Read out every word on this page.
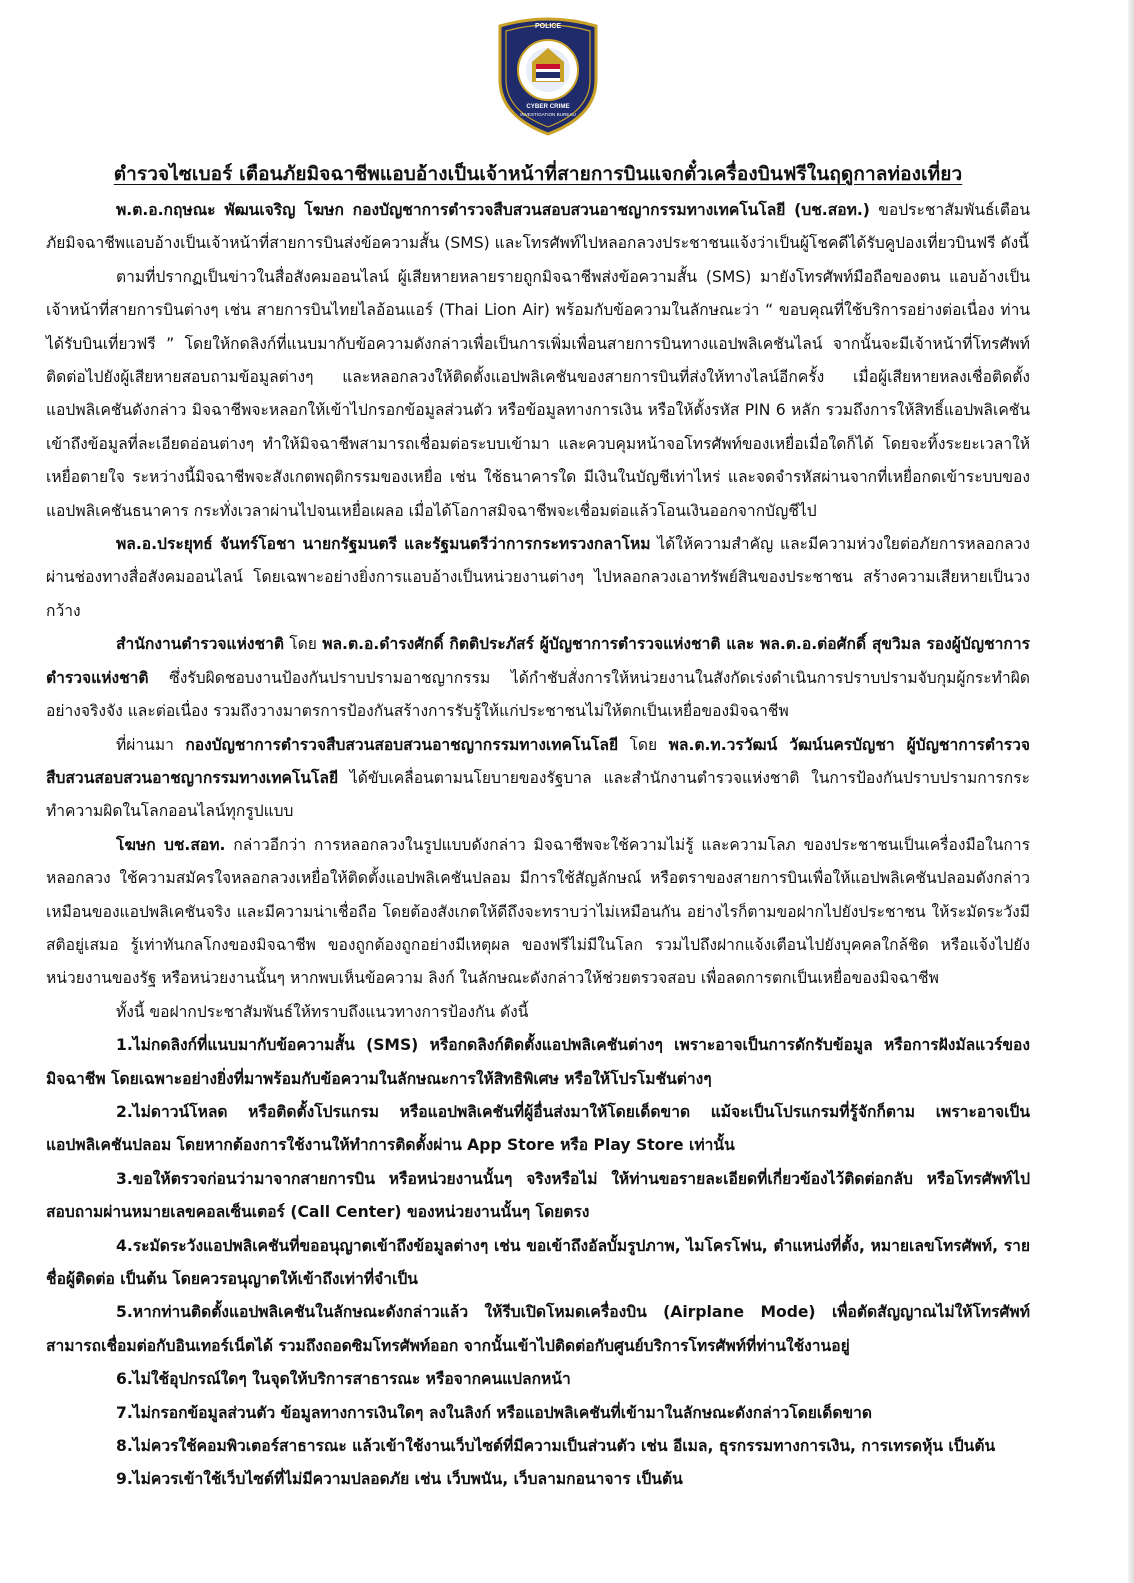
POLICE
CYBER CRIME
INVESTIGATION BUREAU
ตำรวจไซเบอร์ เตือนภัยมิจฉาชีพแอบอ้างเป็นเจ้าหน้าที่สายการบินแจกตั๋วเครื่องบินฟรีในฤดูกาลท่องเที่ยว

พ.ต.อ.กฤษณะ พัฒนเจริญ โฆษก กองบัญชาการตำรวจสืบสวนสอบสวนอาชญากรรมทางเทคโนโลยี (บช.สอท.) ขอประชาสัมพันธ์เตือนภัยมิจฉาชีพแอบอ้างเป็นเจ้าหน้าที่สายการบินส่งข้อความสั้น (SMS) และโทรศัพท์ไปหลอกลวงประชาชนแจ้งว่าเป็นผู้โชคดีได้รับคูปองเที่ยวบินฟรี ดังนี้

ตามที่ปรากฏเป็นข่าวในสื่อสังคมออนไลน์ ผู้เสียหายหลายรายถูกมิจฉาชีพส่งข้อความสั้น (SMS) มายังโทรศัพท์มือถือของตน แอบอ้างเป็นเจ้าหน้าที่สายการบินต่างๆ เช่น สายการบินไทยไลอ้อนแอร์ (Thai Lion Air) พร้อมกับข้อความในลักษณะว่า “ ขอบคุณที่ใช้บริการอย่างต่อเนื่อง ท่านได้รับบินเที่ยวฟรี ” โดยให้กดลิงก์ที่แนบมากับข้อความดังกล่าวเพื่อเป็นการเพิ่มเพื่อนสายการบินทางแอปพลิเคชันไลน์ จากนั้นจะมีเจ้าหน้าที่โทรศัพท์ติดต่อไปยังผู้เสียหายสอบถามข้อมูลต่างๆ และหลอกลวงให้ติดตั้งแอปพลิเคชันของสายการบินที่ส่งให้ทางไลน์อีกครั้ง เมื่อผู้เสียหายหลงเชื่อติดตั้งแอปพลิเคชันดังกล่าว มิจฉาชีพจะหลอกให้เข้าไปกรอกข้อมูลส่วนตัว หรือข้อมูลทางการเงิน หรือให้ตั้งรหัส PIN 6 หลัก รวมถึงการให้สิทธิ์แอปพลิเคชันเข้าถึงข้อมูลที่ละเอียดอ่อนต่างๆ ทำให้มิจฉาชีพสามารถเชื่อมต่อระบบเข้ามา และควบคุมหน้าจอโทรศัพท์ของเหยื่อเมื่อใดก็ได้ โดยจะทิ้งระยะเวลาให้เหยื่อตายใจ ระหว่างนี้มิจฉาชีพจะสังเกตพฤติกรรมของเหยื่อ เช่น ใช้ธนาคารใด มีเงินในบัญชีเท่าไหร่ และจดจำรหัสผ่านจากที่เหยื่อกดเข้าระบบของแอปพลิเคชันธนาคาร กระทั่งเวลาผ่านไปจนเหยื่อเผลอ เมื่อได้โอกาสมิจฉาชีพจะเชื่อมต่อแล้วโอนเงินออกจากบัญชีไป

พล.อ.ประยุทธ์ จันทร์โอชา นายกรัฐมนตรี และรัฐมนตรีว่าการกระทรวงกลาโหม ได้ให้ความสำคัญ และมีความห่วงใยต่อภัยการหลอกลวงผ่านช่องทางสื่อสังคมออนไลน์ โดยเฉพาะอย่างยิ่งการแอบอ้างเป็นหน่วยงานต่างๆ ไปหลอกลวงเอาทรัพย์สินของประชาชน สร้างความเสียหายเป็นวงกว้าง

สำนักงานตำรวจแห่งชาติ โดย พล.ต.อ.ดำรงศักดิ์ กิตติประภัสร์ ผู้บัญชาการตำรวจแห่งชาติ และ พล.ต.อ.ต่อศักดิ์ สุขวิมล รองผู้บัญชาการตำรวจแห่งชาติ ซึ่งรับผิดชอบงานป้องกันปราบปรามอาชญากรรม ได้กำชับสั่งการให้หน่วยงานในสังกัดเร่งดำเนินการปราบปรามจับกุมผู้กระทำผิดอย่างจริงจัง และต่อเนื่อง รวมถึงวางมาตรการป้องกันสร้างการรับรู้ให้แก่ประชาชนไม่ให้ตกเป็นเหยื่อของมิจฉาชีพ

ที่ผ่านมา กองบัญชาการตำรวจสืบสวนสอบสวนอาชญากรรมทางเทคโนโลยี โดย พล.ต.ท.วรวัฒน์ วัฒน์นครบัญชา ผู้บัญชาการตำรวจสืบสวนสอบสวนอาชญากรรมทางเทคโนโลยี ได้ขับเคลื่อนตามนโยบายของรัฐบาล และสำนักงานตำรวจแห่งชาติ ในการป้องกันปราบปรามการกระทำความผิดในโลกออนไลน์ทุกรูปแบบ

โฆษก บช.สอท. กล่าวอีกว่า การหลอกลวงในรูปแบบดังกล่าว มิจฉาชีพจะใช้ความไม่รู้ และความโลภ ของประชาชนเป็นเครื่องมือในการหลอกลวง ใช้ความสมัครใจหลอกลวงเหยื่อให้ติดตั้งแอปพลิเคชันปลอม มีการใช้สัญลักษณ์ หรือตราของสายการบินเพื่อให้แอปพลิเคชันปลอมดังกล่าวเหมือนของแอปพลิเคชันจริง และมีความน่าเชื่อถือ โดยต้องสังเกตให้ดีถึงจะทราบว่าไม่เหมือนกัน อย่างไรก็ตามขอฝากไปยังประชาชน ให้ระมัดระวังมีสติอยู่เสมอ รู้เท่าทันกลโกงของมิจฉาชีพ ของถูกต้องถูกอย่างมีเหตุผล ของฟรีไม่มีในโลก รวมไปถึงฝากแจ้งเตือนไปยังบุคคลใกล้ชิด หรือแจ้งไปยังหน่วยงานของรัฐ หรือหน่วยงานนั้นๆ หากพบเห็นข้อความ ลิงก์ ในลักษณะดังกล่าวให้ช่วยตรวจสอบ เพื่อลดการตกเป็นเหยื่อของมิจฉาชีพ

ทั้งนี้ ขอฝากประชาสัมพันธ์ให้ทราบถึงแนวทางการป้องกัน ดังนี้

1.ไม่กดลิงก์ที่แนบมากับข้อความสั้น (SMS) หรือกดลิงก์ติดตั้งแอปพลิเคชันต่างๆ เพราะอาจเป็นการดักรับข้อมูล หรือการฝังมัลแวร์ของมิจฉาชีพ โดยเฉพาะอย่างยิ่งที่มาพร้อมกับข้อความในลักษณะการให้สิทธิพิเศษ หรือให้โปรโมชันต่างๆ

2.ไม่ดาวน์โหลด หรือติดตั้งโปรแกรม หรือแอปพลิเคชันที่ผู้อื่นส่งมาให้โดยเด็ดขาด แม้จะเป็นโปรแกรมที่รู้จักก็ตาม เพราะอาจเป็นแอปพลิเคชันปลอม โดยหากต้องการใช้งานให้ทำการติดตั้งผ่าน App Store หรือ Play Store เท่านั้น

3.ขอให้ตรวจก่อนว่ามาจากสายการบิน หรือหน่วยงานนั้นๆ จริงหรือไม่ ให้ท่านขอรายละเอียดที่เกี่ยวข้องไว้ติดต่อกลับ หรือโทรศัพท์ไปสอบถามผ่านหมายเลขคอลเซ็นเตอร์ (Call Center) ของหน่วยงานนั้นๆ โดยตรง

4.ระมัดระวังแอปพลิเคชันที่ขออนุญาตเข้าถึงข้อมูลต่างๆ เช่น ขอเข้าถึงอัลบั้มรูปภาพ, ไมโครโฟน, ตำแหน่งที่ตั้ง, หมายเลขโทรศัพท์, รายชื่อผู้ติดต่อ เป็นต้น โดยควรอนุญาตให้เข้าถึงเท่าที่จำเป็น

5.หากท่านติดตั้งแอปพลิเคชันในลักษณะดังกล่าวแล้ว ให้รีบเปิดโหมดเครื่องบิน (Airplane Mode) เพื่อตัดสัญญาณไม่ให้โทรศัพท์สามารถเชื่อมต่อกับอินเทอร์เน็ตได้ รวมถึงถอดซิมโทรศัพท์ออก จากนั้นเข้าไปติดต่อกับศูนย์บริการโทรศัพท์ที่ท่านใช้งานอยู่

6.ไม่ใช้อุปกรณ์ใดๆ ในจุดให้บริการสาธารณะ หรือจากคนแปลกหน้า

7.ไม่กรอกข้อมูลส่วนตัว ข้อมูลทางการเงินใดๆ ลงในลิงก์ หรือแอปพลิเคชันที่เข้ามาในลักษณะดังกล่าวโดยเด็ดขาด

8.ไม่ควรใช้คอมพิวเตอร์สาธารณะ แล้วเข้าใช้งานเว็บไซต์ที่มีความเป็นส่วนตัว เช่น อีเมล, ธุรกรรมทางการเงิน, การเทรดหุ้น เป็นต้น

9.ไม่ควรเข้าใช้เว็บไซต์ที่ไม่มีความปลอดภัย เช่น เว็บพนัน, เว็บลามกอนาจาร เป็นต้น
